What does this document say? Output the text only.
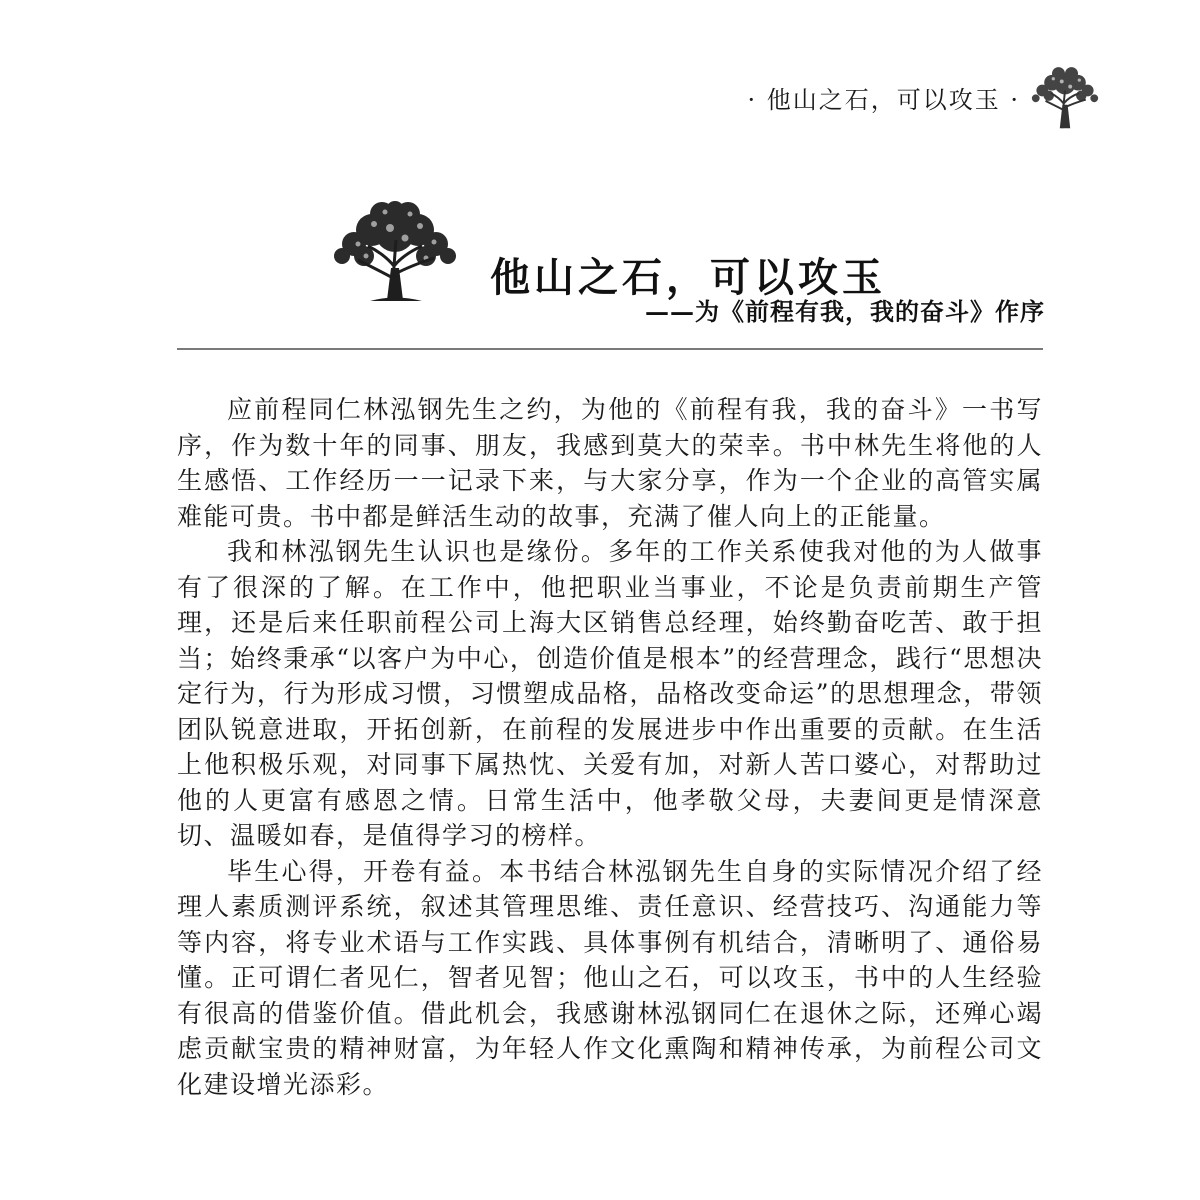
· 他山之石，可以攻玉 ·
他山之石，可以攻玉
——为《前程有我，我的奋斗》作序

应前程同仁林泓钢先生之约，为他的《前程有我，我的奋斗》一书写序，作为数十年的同事、朋友，我感到莫大的荣幸。书中林先生将他的人生感悟、工作经历一一记录下来，与大家分享，作为一个企业的高管实属难能可贵。书中都是鲜活生动的故事，充满了催人向上的正能量。

我和林泓钢先生认识也是缘份。多年的工作关系使我对他的为人做事有了很深的了解。在工作中，他把职业当事业，不论是负责前期生产管理，还是后来任职前程公司上海大区销售总经理，始终勤奋吃苦、敢于担当；始终秉承“以客户为中心，创造价值是根本”的经营理念，践行“思想决定行为，行为形成习惯，习惯塑成品格，品格改变命运”的思想理念，带领团队锐意进取，开拓创新，在前程的发展进步中作出重要的贡献。在生活上他积极乐观，对同事下属热忱、关爱有加，对新人苦口婆心，对帮助过他的人更富有感恩之情。日常生活中，他孝敬父母，夫妻间更是情深意切、温暖如春，是值得学习的榜样。

毕生心得，开卷有益。本书结合林泓钢先生自身的实际情况介绍了经理人素质测评系统，叙述其管理思维、责任意识、经营技巧、沟通能力等等内容，将专业术语与工作实践、具体事例有机结合，清晰明了、通俗易懂。正可谓仁者见仁，智者见智；他山之石，可以攻玉，书中的人生经验有很高的借鉴价值。借此机会，我感谢林泓钢同仁在退休之际，还殚心竭虑贡献宝贵的精神财富，为年轻人作文化熏陶和精神传承，为前程公司文化建设增光添彩。
